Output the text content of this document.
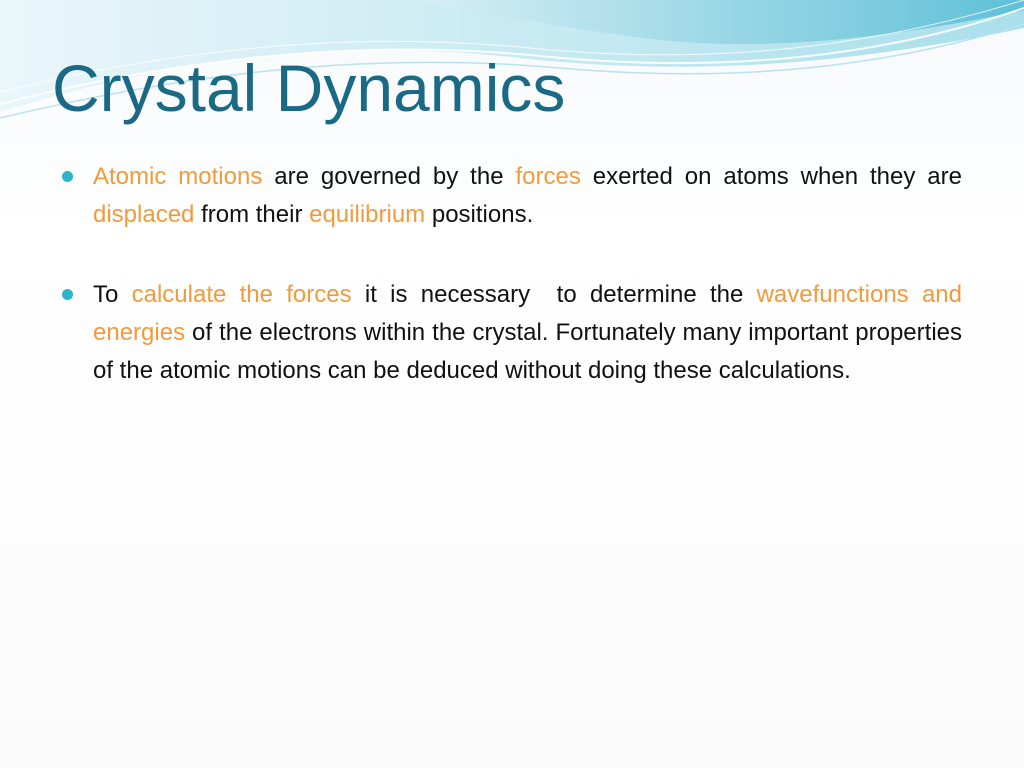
Crystal Dynamics
Atomic motions are governed by the forces exerted on atoms when they are displaced from their equilibrium positions.
To calculate the forces it is necessary  to determine the wavefunctions and energies of the electrons within the crystal. Fortunately many important properties of the atomic motions can be deduced without doing these calculations.
